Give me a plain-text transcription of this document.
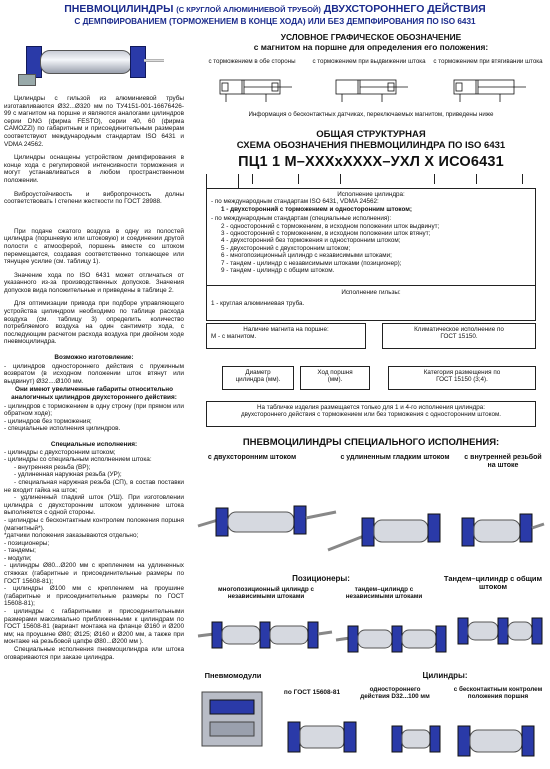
ПНЕВМОЦИЛИНДРЫ (С КРУГЛОЙ АЛЮМИНИЕВОЙ ТРУБОЙ) ДВУХСТОРОННЕГО ДЕЙСТВИЯ
С ДЕМПФИРОВАНИЕМ (ТОРМОЖЕНИЕМ В КОНЦЕ ХОДА) ИЛИ БЕЗ ДЕМПФИРОВАНИЯ ПО ISO 6431

Цилиндры с гильзой из алюминиевой трубы изготавливаются Ø32...Ø320 мм по ТУ4151-001-16676426-99 с магнитом на поршне и являются аналогами цилиндров серии DNG (фирма FESTO), серии 40, 60 (фирма CAMOZZI) по габаритным и присоединительным размерам соответствуют международным стандартам ISO 6431 и VDMA 24562.

Цилиндры оснащены устройством демпфирования в конце хода с регулировкой интенсивности торможения и могут устанавливаться в любом пространственном положении.

Виброустойчивость и вибропрочность долны соответствовать I степени жесткости по ГОСТ 28988.

При подаче сжатого воздуха в одну из полостей цилиндра (поршневую или штоковую) и соединении другой полости с атмосферой, поршень вместе со штоком перемещается, создавая соответственно толкающее или тянущее усилие (см. таблицу 1).

Значение хода по ISO 6431 может отличаться от указанного из-за производственных допусков. Значения допусков вида положительные и приведены в таблице 2.

Для оптимизации привода при подборе управляющего устройства цилиндром необходимо по таблице расхода воздуха (см. таблицу 3) определить количество потребляемого воздуха на один сантиметр хода, с последующим расчетом расхода воздуха при двойном ходе пневмоцилиндра.

Возможно изготовление:

- цилиндров одностороннего действия с пружинным возвратом (в исходном положении шток втянут или выдвинут) Ø32....Ø100 мм.

Они имеют увеличенные габариты относительно аналогичных цилиндров двухстороннего действия:

- цилиндров с торможением в одну строну (при прямом или обратном ходе);

- цилиндров без торможения;

- специальные исполнения цилиндров.

Специальные исполнения:

- цилиндры с двухсторонним штоком;

- цилиндры со специальным исполнением штока:

- внутренняя резьба (ВР);

- удлиненная наружная резьба (УР);

- специальная наружная резьба (СП), в состав поставки не входит гайка на шток;

- удлиненный гладкий шток (УШ). При изготовлении цилиндра с двухсторонним штоком удлинение штока выполняется с одной стороны.

- цилиндры с бесконтактным контролем положения поршня (магнитный*).

*датчики положения заказываются отдельно;

- позиционеры;

- тандемы;

- модули;

- цилиндры Ø80...Ø200 мм с креплением на удлиненных стяжках (габаритные и присоединительные размеры по ГОСТ 15608-81);

- цилиндры Ø100 мм с креплением на проушине (габаритные и присоединительные размеры по ГОСТ 15608-81);

- цилиндры с габаритными и присоединительными размерами максимально приближенными к цилиндрам по ГОСТ 15608-81 (вариант монтажа на фланце Ø160 и Ø200 мм; на проушине Ø80; Ø125; Ø160 и Ø200 мм, а также при монтаже на резьбовой цапфе Ø80...Ø200 мм ).

Специальные исполнения пневмоцилиндра или штока оговариваются при заказе цилиндра.

УСЛОВНОЕ ГРАФИЧЕСКОЕ ОБОЗНАЧЕНИЕ
с магнитом на поршне для определения его положения:
с торможением в обе стороны	с торможением при выдвижении штока	с торможением при втягивании штока
Информация о бесконтактных датчиках, переключаемых магнитом, приведены ниже
ОБЩАЯ СТРУКТУРНАЯ
СХЕМА ОБОЗНАЧЕНИЯ ПНЕВМОЦИЛИНДРА ПО ISO 6431
ПЦ1 1 М–XXXxXXXX–УХЛ Х ИСО6431
Исполнение цилиндра:
- по международным стандартам ISO 6431, VDMA 24562:
1 - двухсторонний с торможением и односторонним штоком;
- по международным стандартам (специальные исполнения):
2 - односторонний с торможением, в исходном положении шток выдвинут;
3 - односторонний с торможением, в исходном положении шток втянут;
4 - двухсторонний без торможения и односторонним штоком;
5 - двухсторонний с двухсторонним штоком;
6 - многопозиционный цилиндр с независимыми штоками;
7 - тандем - цилиндр с независимыми штоками (позиционер);
9 - тандем - цилиндр с общим штоком.
Исполнение гильзы:
1 - круглая алюминиевая труба.
Наличие магнита на поршне:
М - с магнитом.
Климатическое исполнение по
ГОСТ 15150.
Диаметр
цилиндра (мм).
Ход поршня
(мм).
Категория размещения по
ГОСТ 15150 (3;4).
На табличке изделия размещается только для 1 и 4-го исполнения цилиндра:
двухстороннего действия с торможением или без торможения с односторонним штоком.
ПНЕВМОЦИЛИНДРЫ СПЕЦИАЛЬНОГО ИСПОЛНЕНИЯ:
с двухсторонним штоком	с удлиненным гладким штоком	с внутренней резьбой на штоке
Позиционеры:	Тандем–цилиндр с общим штоком
многопозиционный цилиндр с независимыми штоками
тандем–цилиндр с независимыми штоками
Пневмомодули
по ГОСТ 15608-81
Цилиндры:
одностороннего действия D32...100 мм
с бесконтактным контролем положения поршня
